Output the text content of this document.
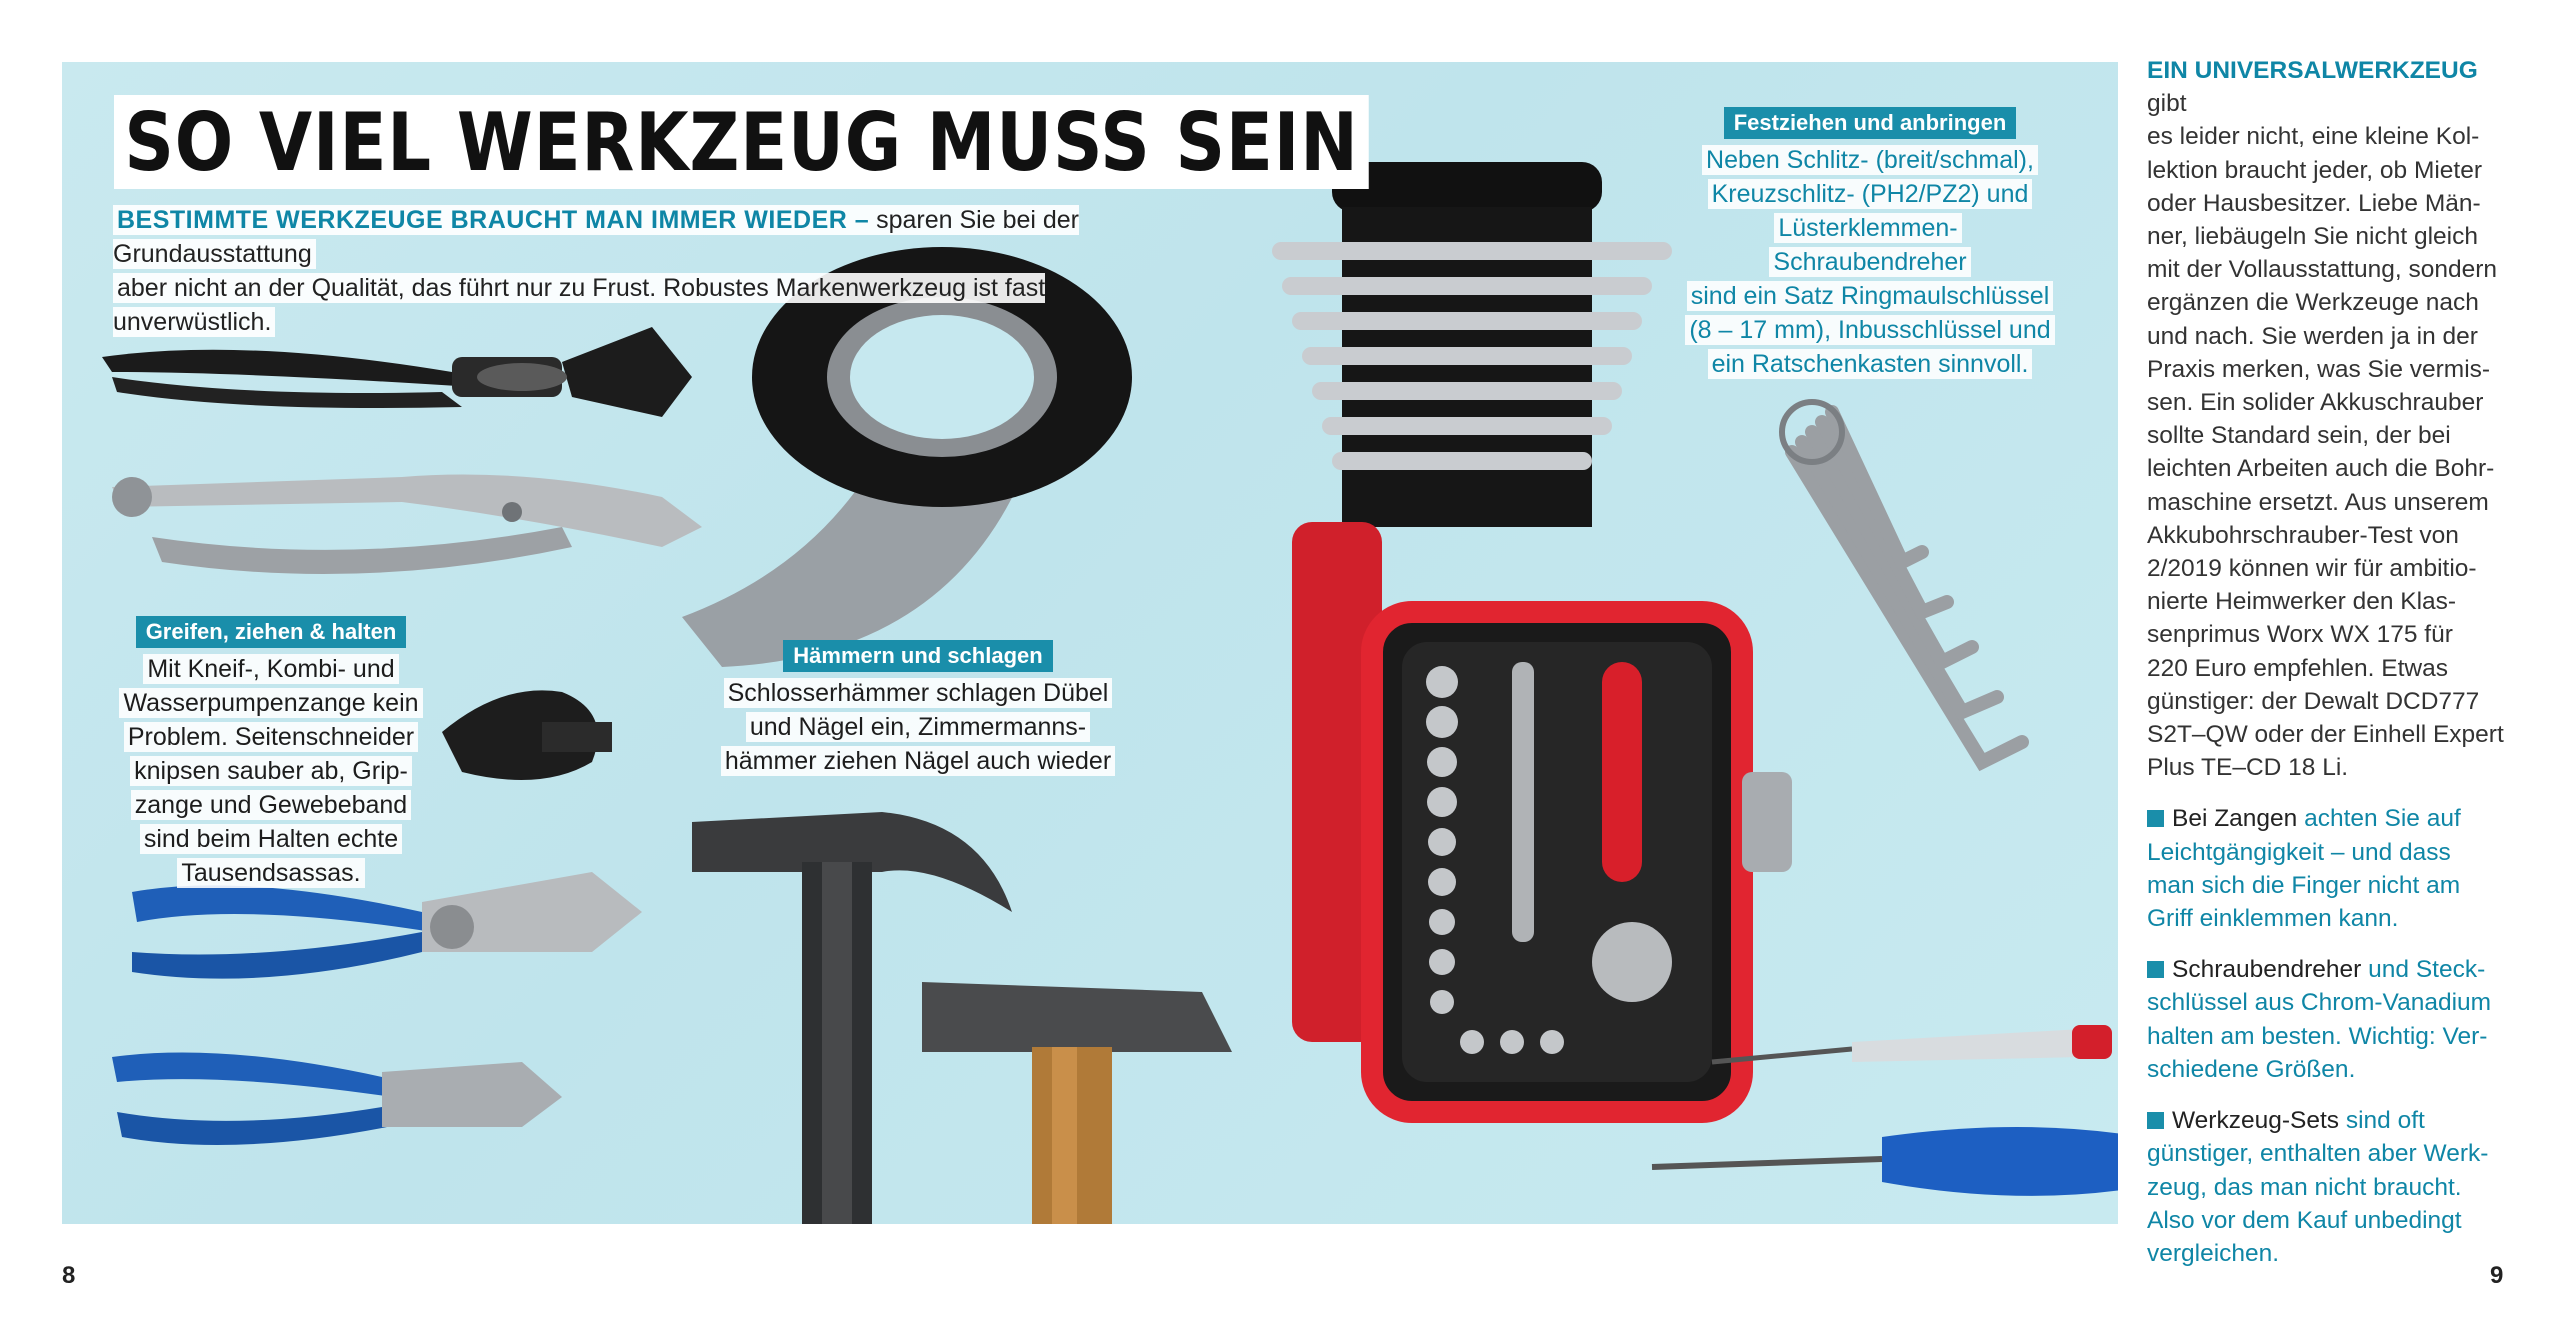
SO VIEL WERKZEUG MUSS SEIN
BESTIMMTE WERKZEUGE BRAUCHT MAN IMMER WIEDER – sparen Sie bei der Grundausstattung
aber nicht an der Qualität, das führt nur zu Frust. Robustes Markenwerkzeug ist fast unverwüstlich.
Greifen, ziehen & halten
Mit Kneif-, Kombi- und
Wasserpumpenzange kein
Problem. Seitenschneider
knipsen sauber ab, Grip-
zange und Gewebeband
sind beim Halten echte
Tausendsassas.
Hämmern und schlagen
Schlosserhämmer schlagen Dübel
und Nägel ein, Zimmermanns-
hämmer ziehen Nägel auch wieder
Festziehen und anbringen
Neben Schlitz- (breit/schmal),
Kreuzschlitz- (PH2/PZ2) und
Lüsterklemmen-Schraubendreher
sind ein Satz Ringmaulschlüssel
(8 – 17 mm), Inbusschlüssel und
ein Ratschenkasten sinnvoll.

EIN UNIVERSALWERKZEUG gibt
es leider nicht, eine kleine Kol-
lektion braucht jeder, ob Mieter
oder Hausbesitzer. Liebe Män-
ner, liebäugeln Sie nicht gleich
mit der Vollausstattung, sondern
ergänzen die Werkzeuge nach
und nach. Sie werden ja in der
Praxis merken, was Sie vermis-
sen. Ein solider Akkuschrauber
sollte Standard sein, der bei
leichten Arbeiten auch die Bohr-
maschine ersetzt. Aus unserem
Akkubohrschrauber-Test von
2/2019 können wir für ambitio-
nierte Heimwerker den Klas-
senprimus Worx WX 175 für
220 Euro empfehlen. Etwas
günstiger: der Dewalt DCD777
S2T–QW oder der Einhell Expert
Plus TE–CD 18 Li.

Bei Zangen achten Sie auf
Leichtgängigkeit – und dass
man sich die Finger nicht am
Griff einklemmen kann.

Schraubendreher und Steck-
schlüssel aus Chrom-Vanadium
halten am besten. Wichtig: Ver-
schiedene Größen.

Werkzeug-Sets sind oft
günstiger, enthalten aber Werk-
zeug, das man nicht braucht.
Also vor dem Kauf unbedingt
vergleichen.

8	9
